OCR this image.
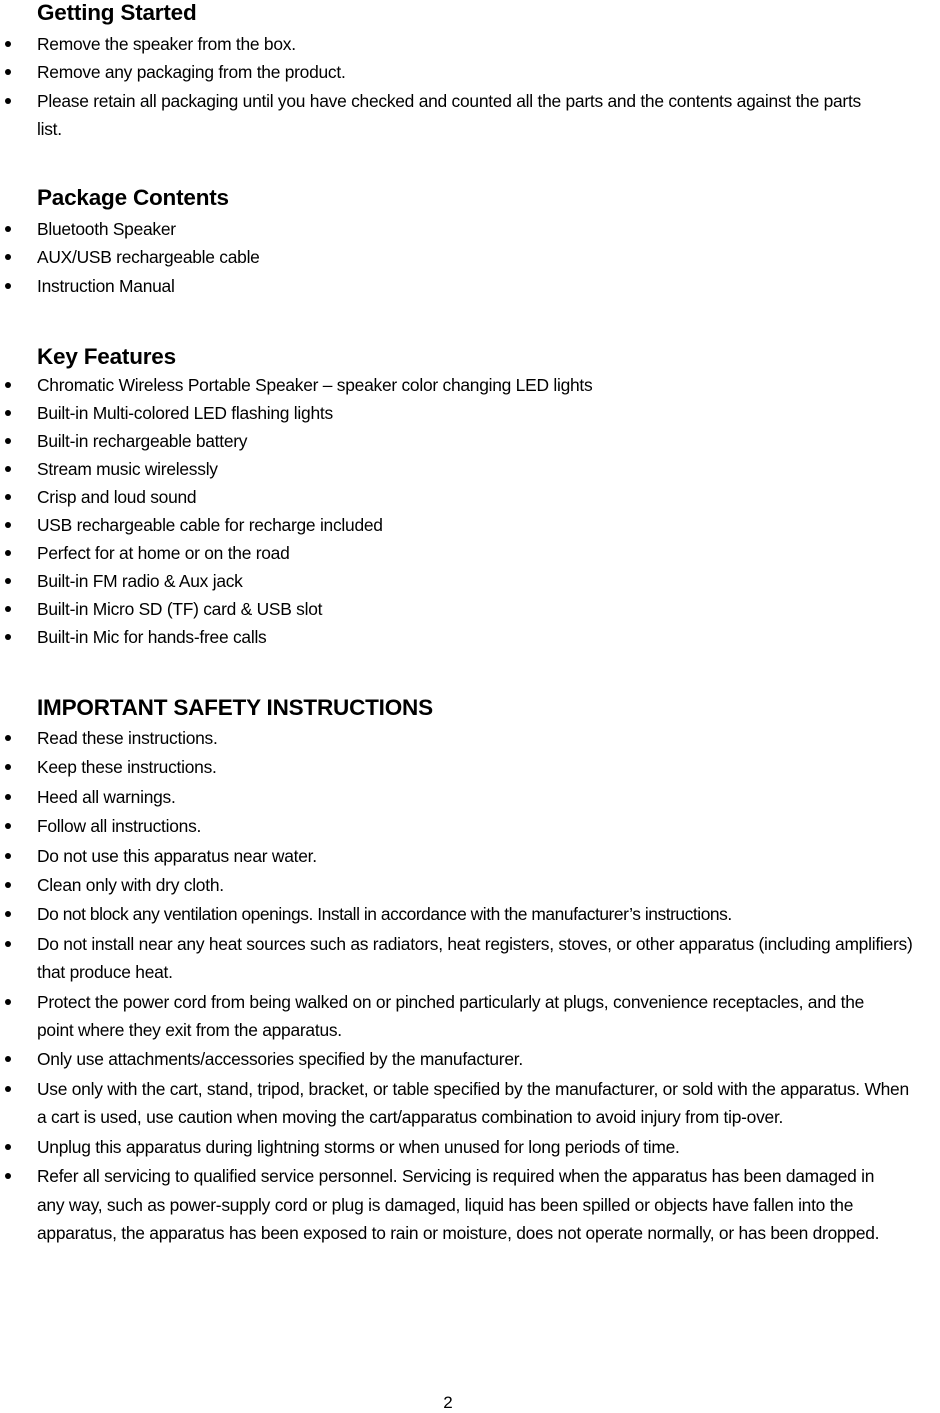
Getting Started
Remove the speaker from the box.
Remove any packaging from the product.
Please retain all packaging until you have checked and counted all the parts and the contents against the parts list.
Package Contents
Bluetooth Speaker
AUX/USB rechargeable cable
Instruction Manual
Key Features
Chromatic Wireless Portable Speaker – speaker color changing LED lights
Built-in Multi-colored LED flashing lights
Built-in rechargeable battery
Stream music wirelessly
Crisp and loud sound
USB rechargeable cable for recharge included
Perfect for at home or on the road
Built-in FM radio & Aux jack
Built-in Micro SD (TF) card & USB slot
Built-in Mic for hands-free calls
IMPORTANT SAFETY INSTRUCTIONS
Read these instructions.
Keep these instructions.
Heed all warnings.
Follow all instructions.
Do not use this apparatus near water.
Clean only with dry cloth.
Do not block any ventilation openings. Install in accordance with the manufacturer’s instructions.
Do not install near any heat sources such as radiators, heat registers, stoves, or other apparatus (including amplifiers) that produce heat.
Protect the power cord from being walked on or pinched particularly at plugs, convenience receptacles, and the point where they exit from the apparatus.
Only use attachments/accessories specified by the manufacturer.
Use only with the cart, stand, tripod, bracket, or table specified by the manufacturer, or sold with the apparatus. When a cart is used, use caution when moving the cart/apparatus combination to avoid injury from tip-over.
Unplug this apparatus during lightning storms or when unused for long periods of time.
Refer all servicing to qualified service personnel. Servicing is required when the apparatus has been damaged in any way, such as power-supply cord or plug is damaged, liquid has been spilled or objects have fallen into the apparatus, the apparatus has been exposed to rain or moisture, does not operate normally, or has been dropped.
2
